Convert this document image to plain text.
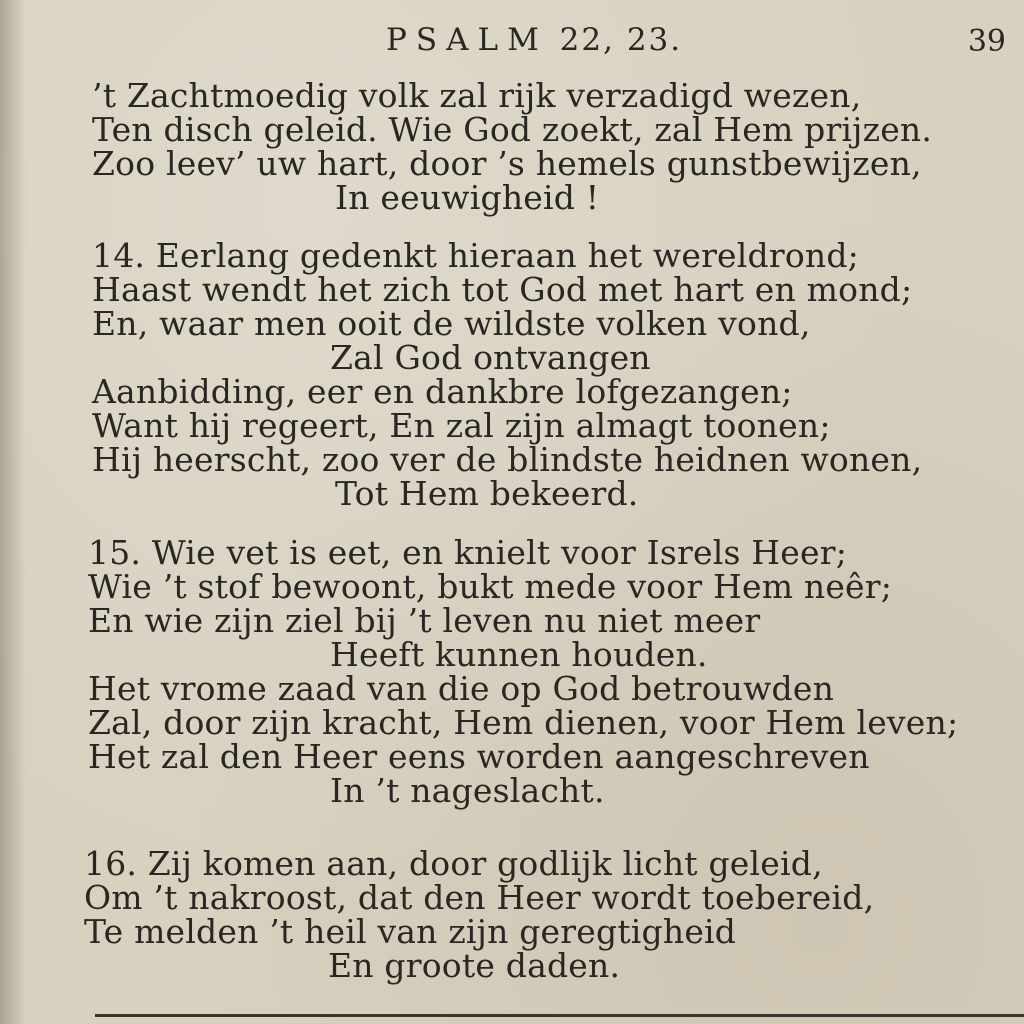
PSALM 22, 23.	39
’t Zachtmoedig volk zal rijk verzadigd wezen,
Ten disch geleid. Wie God zoekt, zal Hem prijzen.
Zoo leev’ uw hart, door ’s hemels gunstbewijzen,
In eeuwigheid !
14. Eerlang gedenkt hieraan het wereldrond;
Haast wendt het zich tot God met hart en mond;
En, waar men ooit de wildste volken vond,
Zal God ontvangen
Aanbidding, eer en dankbre lofgezangen;
Want hij regeert, En zal zijn almagt toonen;
Hij heerscht, zoo ver de blindste heidnen wonen,
Tot Hem bekeerd.
15. Wie vet is eet, en knielt voor Isrels Heer;
Wie ’t stof bewoont, bukt mede voor Hem neêr;
En wie zijn ziel bij ’t leven nu niet meer
Heeft kunnen houden.
Het vrome zaad van die op God betrouwden
Zal, door zijn kracht, Hem dienen, voor Hem leven;
Het zal den Heer eens worden aangeschreven
In ’t nageslacht.
16. Zij komen aan, door godlijk licht geleid,
Om ’t nakroost, dat den Heer wordt toebereid,
Te melden ’t heil van zijn geregtigheid
En groote daden.
